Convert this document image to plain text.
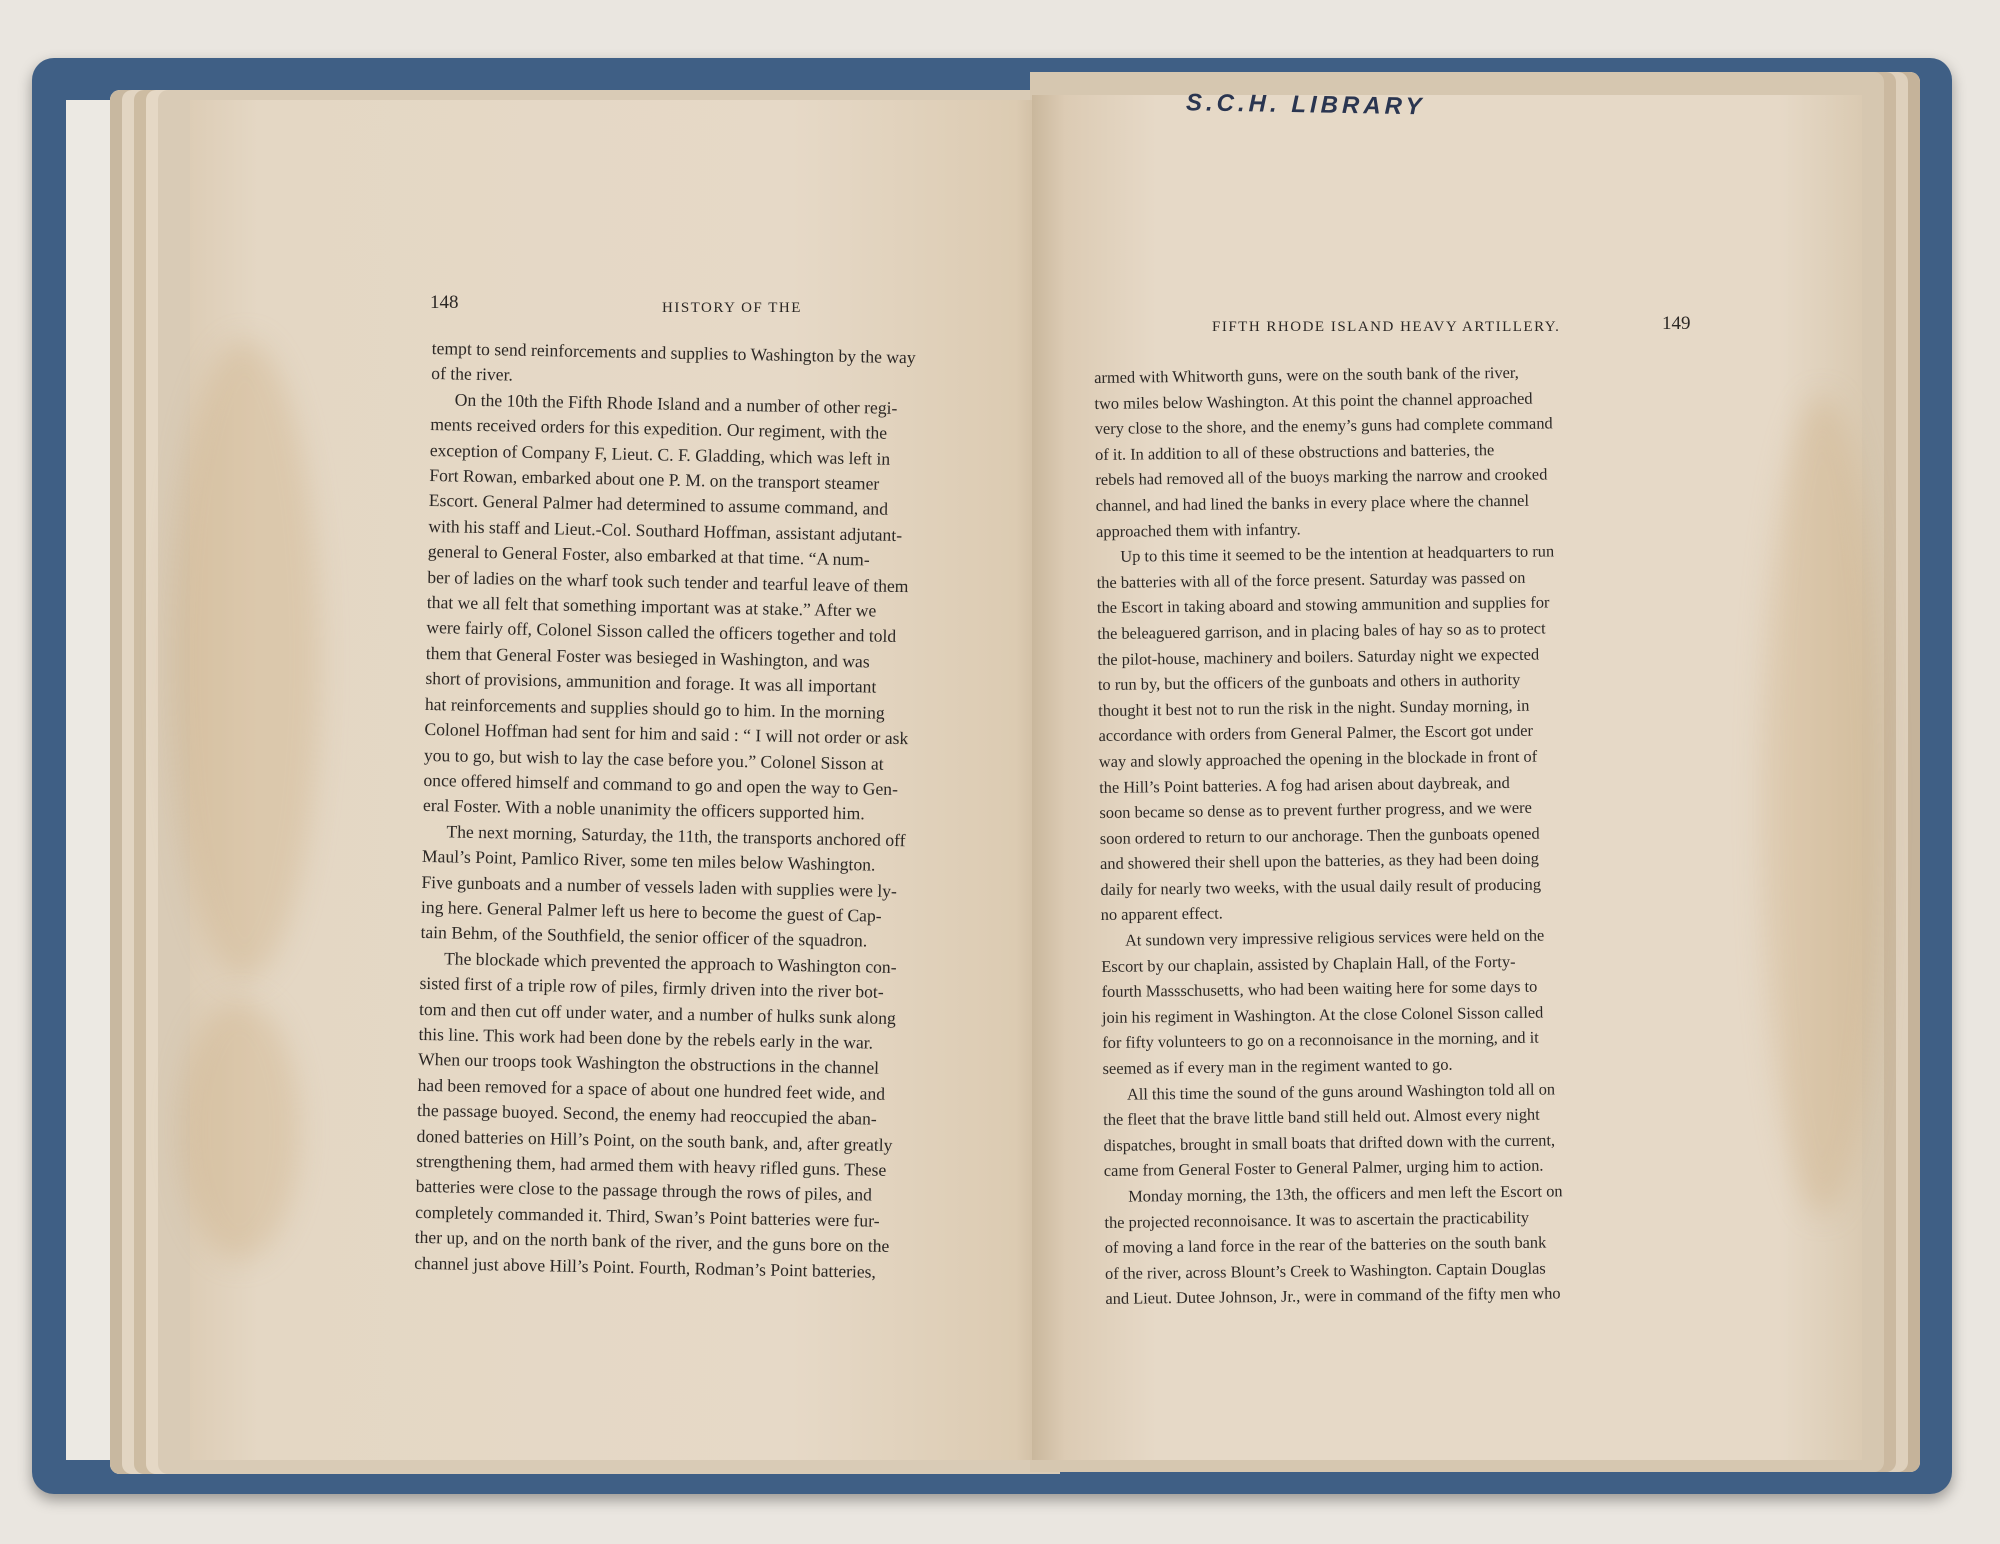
148	HISTORY OF THE

tempt to send reinforcements and supplies to Washington by the way
of the river.

On the 10th the Fifth Rhode Island and a number of other regi-
ments received orders for this expedition. Our regiment, with the
exception of Company F, Lieut. C. F. Gladding, which was left in
Fort Rowan, embarked about one P. M. on the transport steamer
Escort. General Palmer had determined to assume command, and
with his staff and Lieut.-Col. Southard Hoffman, assistant adjutant-
general to General Foster, also embarked at that time. “A num-
ber of ladies on the wharf took such tender and tearful leave of them
that we all felt that something important was at stake.” After we
were fairly off, Colonel Sisson called the officers together and told
them that General Foster was besieged in Washington, and was
short of provisions, ammunition and forage. It was all important
hat reinforcements and supplies should go to him. In the morning
Colonel Hoffman had sent for him and said : “ I will not order or ask
you to go, but wish to lay the case before you.” Colonel Sisson at
once offered himself and command to go and open the way to Gen-
eral Foster. With a noble unanimity the officers supported him.

The next morning, Saturday, the 11th, the transports anchored off
Maul’s Point, Pamlico River, some ten miles below Washington.
Five gunboats and a number of vessels laden with supplies were ly-
ing here. General Palmer left us here to become the guest of Cap-
tain Behm, of the Southfield, the senior officer of the squadron.

The blockade which prevented the approach to Washington con-
sisted first of a triple row of piles, firmly driven into the river bot-
tom and then cut off under water, and a number of hulks sunk along
this line. This work had been done by the rebels early in the war.
When our troops took Washington the obstructions in the channel
had been removed for a space of about one hundred feet wide, and
the passage buoyed. Second, the enemy had reoccupied the aban-
doned batteries on Hill’s Point, on the south bank, and, after greatly
strengthening them, had armed them with heavy rifled guns. These
batteries were close to the passage through the rows of piles, and
completely commanded it. Third, Swan’s Point batteries were fur-
ther up, and on the north bank of the river, and the guns bore on the
channel just above Hill’s Point. Fourth, Rodman’s Point batteries,

FIFTH RHODE ISLAND HEAVY ARTILLERY.	149

armed with Whitworth guns, were on the south bank of the river,
two miles below Washington. At this point the channel approached
very close to the shore, and the enemy’s guns had complete command
of it. In addition to all of these obstructions and batteries, the
rebels had removed all of the buoys marking the narrow and crooked
channel, and had lined the banks in every place where the channel
approached them with infantry.

Up to this time it seemed to be the intention at headquarters to run
the batteries with all of the force present. Saturday was passed on
the Escort in taking aboard and stowing ammunition and supplies for
the beleaguered garrison, and in placing bales of hay so as to protect
the pilot-house, machinery and boilers. Saturday night we expected
to run by, but the officers of the gunboats and others in authority
thought it best not to run the risk in the night. Sunday morning, in
accordance with orders from General Palmer, the Escort got under
way and slowly approached the opening in the blockade in front of
the Hill’s Point batteries. A fog had arisen about daybreak, and
soon became so dense as to prevent further progress, and we were
soon ordered to return to our anchorage. Then the gunboats opened
and showered their shell upon the batteries, as they had been doing
daily for nearly two weeks, with the usual daily result of producing
no apparent effect.

At sundown very impressive religious services were held on the
Escort by our chaplain, assisted by Chaplain Hall, of the Forty-
fourth Massschusetts, who had been waiting here for some days to
join his regiment in Washington. At the close Colonel Sisson called
for fifty volunteers to go on a reconnoisance in the morning, and it
seemed as if every man in the regiment wanted to go.

All this time the sound of the guns around Washington told all on
the fleet that the brave little band still held out. Almost every night
dispatches, brought in small boats that drifted down with the current,
came from General Foster to General Palmer, urging him to action.

Monday morning, the 13th, the officers and men left the Escort on
the projected reconnoisance. It was to ascertain the practicability
of moving a land force in the rear of the batteries on the south bank
of the river, across Blount’s Creek to Washington. Captain Douglas
and Lieut. Dutee Johnson, Jr., were in command of the fifty men who

S.C.H. LIBRARY
